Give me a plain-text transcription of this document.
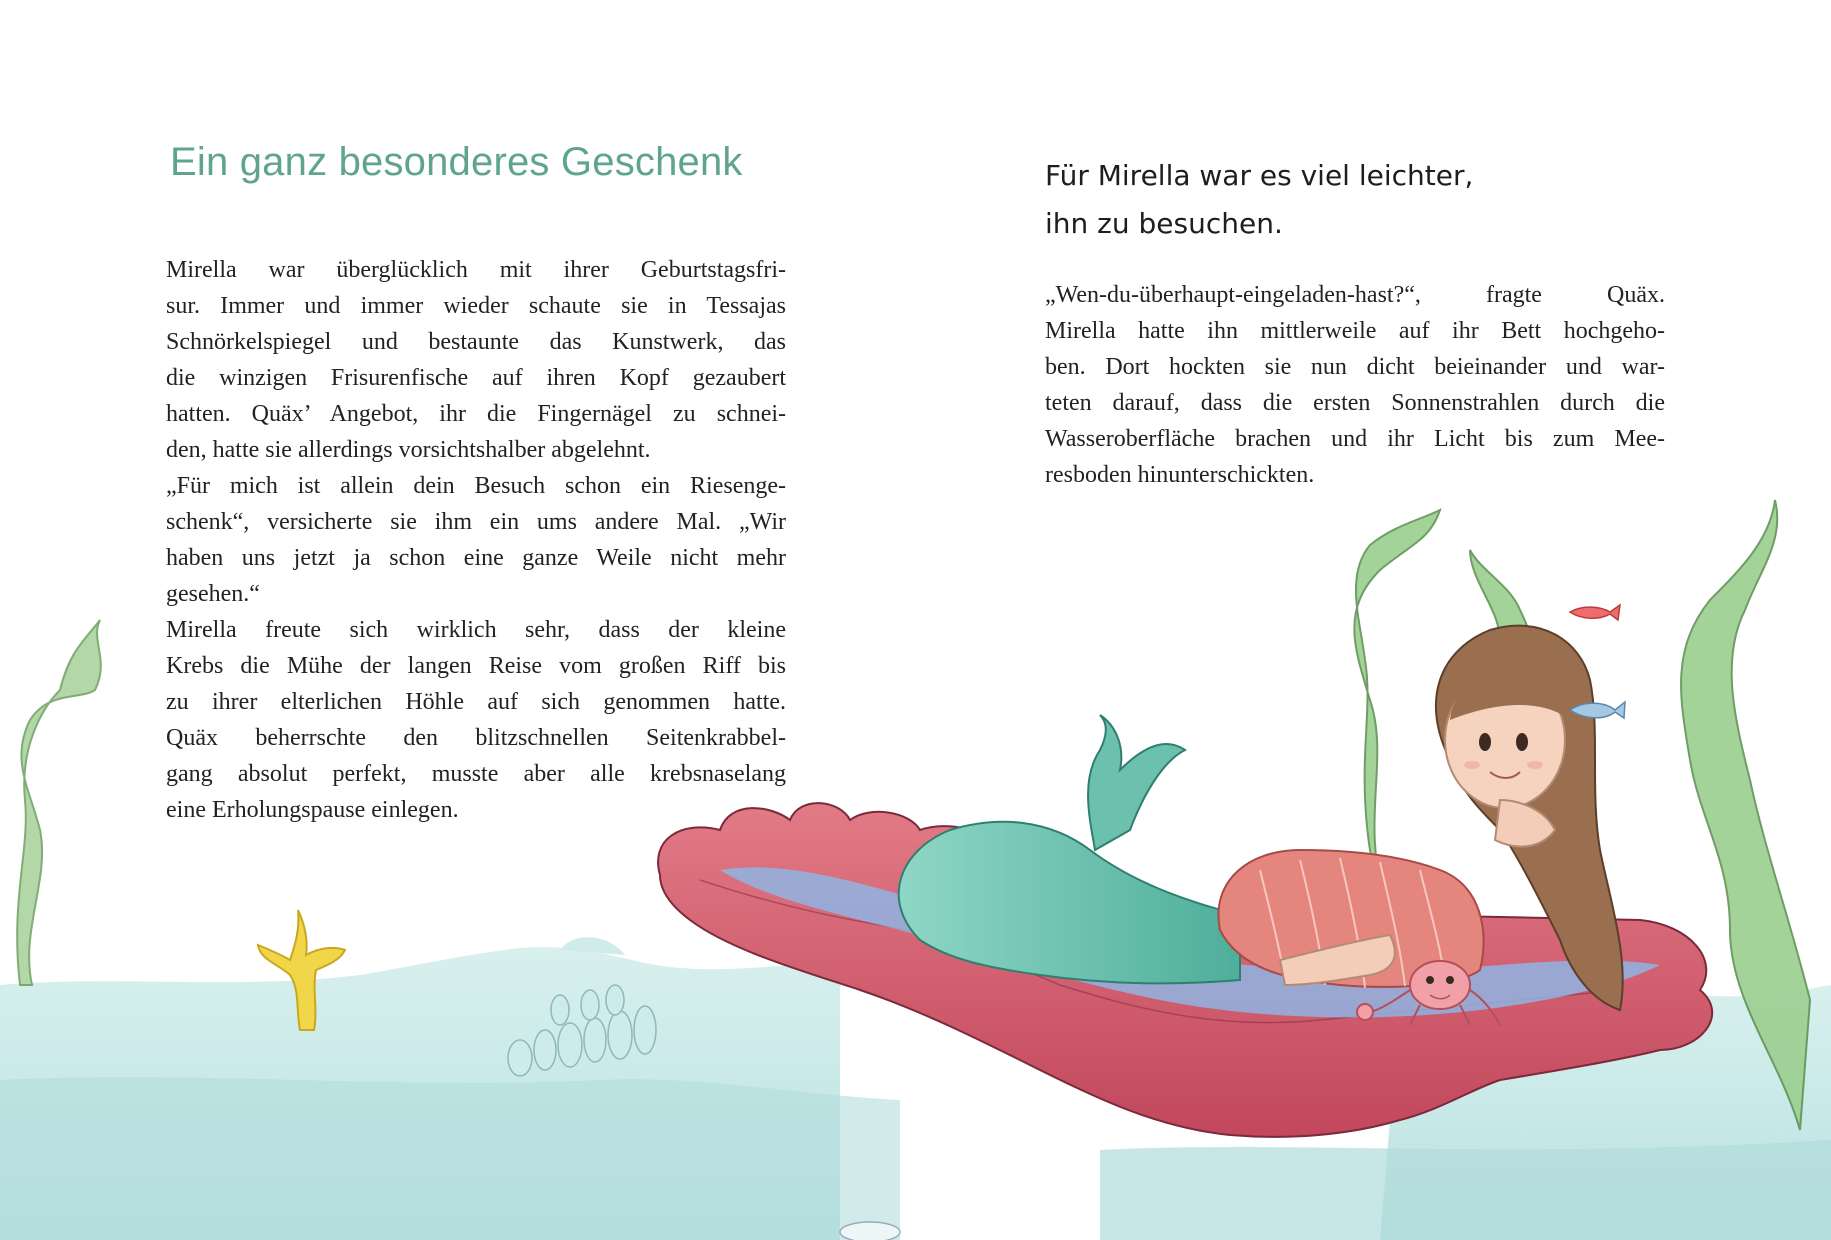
Ein ganz besonderes Geschenk
Mirella war überglücklich mit ihrer Geburtstagsfri-
sur. Immer und immer wieder schaute sie in Tessajas
Schnörkelspiegel und bestaunte das Kunstwerk, das
die winzigen Frisurenfische auf ihren Kopf gezaubert
hatten. Quäx’ Angebot, ihr die Fingernägel zu schnei-
den, hatte sie allerdings vorsichtshalber abgelehnt.
„Für mich ist allein dein Besuch schon ein Riesenge-
schenk“, versicherte sie ihm ein ums andere Mal. „Wir
haben uns jetzt ja schon eine ganze Weile nicht mehr
gesehen.“
Mirella freute sich wirklich sehr, dass der kleine
Krebs die Mühe der langen Reise vom großen Riff bis
zu ihrer elterlichen Höhle auf sich genommen hatte.
Quäx beherrschte den blitzschnellen Seitenkrabbel-
gang absolut perfekt, musste aber alle krebsnaselang
eine Erholungspause einlegen.
Für Mirella war es viel leichter,
ihn zu besuchen.
„Wen-du-überhaupt-eingeladen-hast?“, fragte Quäx.
Mirella hatte ihn mittlerweile auf ihr Bett hochgeho-
ben. Dort hockten sie nun dicht beieinander und war-
teten darauf, dass die ersten Sonnenstrahlen durch die
Wasseroberfläche brachen und ihr Licht bis zum Mee-
resboden hinunterschickten.
